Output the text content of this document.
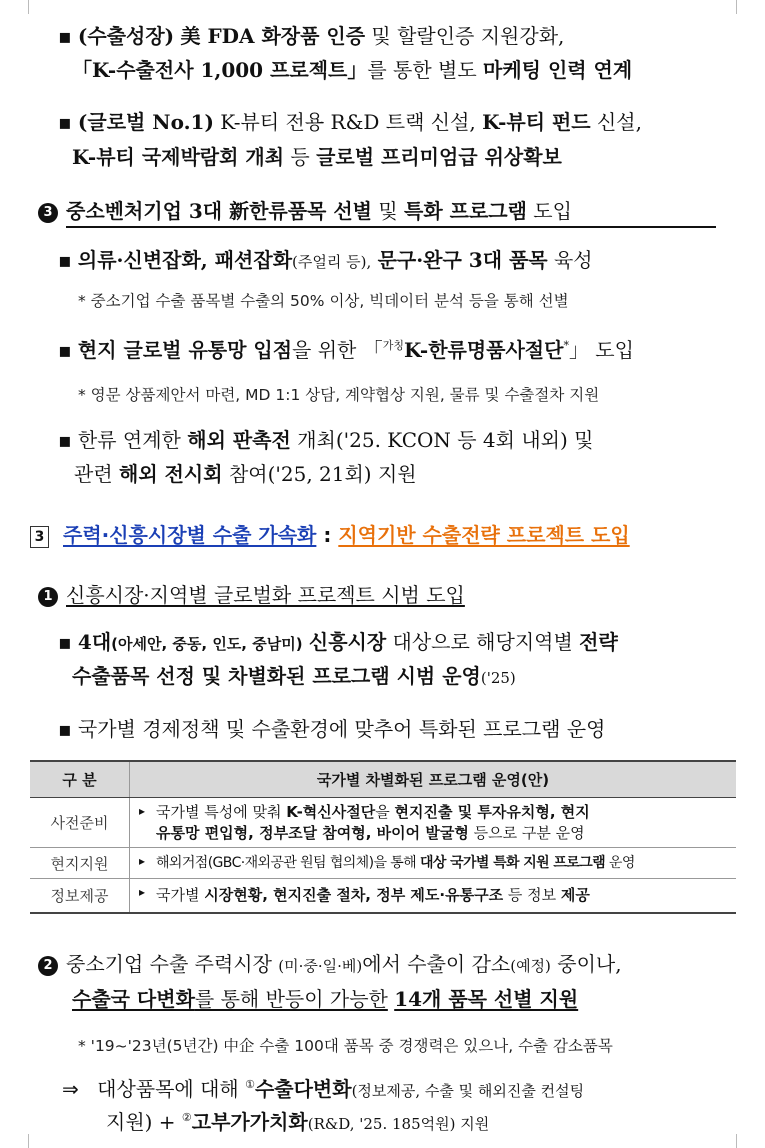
▪ (수출성장) 美 FDA 화장품 인증 및 할랄인증 지원강화,
「K-수출전사 1,000 프로젝트」를 통한 별도 마케팅 인력 연계
▪ (글로벌 No.1) K-뷰티 전용 R&D 트랙 신설, K-뷰티 펀드 신설,
K-뷰티 국제박람회 개최 등 글로벌 프리미엄급 위상확보
3 중소벤처기업 3대 新한류품목 선별 및 특화 프로그램 도입
▪ 의류·신변잡화, 패션잡화(주얼리 등), 문구·완구 3대 품목 육성
* 중소기업 수출 품목별 수출의 50% 이상, 빅데이터 분석 등을 통해 선별
▪ 현지 글로벌 유통망 입점을 위한 「$^{가칭}$K-한류명품사절단*」 도입
* 영문 상품제안서 마련, MD 1:1 상담, 계약협상 지원, 물류 및 수출절차 지원
▪ 한류 연계한 해외 판촉전 개최('25. KCON 등 4회 내외) 및
관련 해외 전시회 참여('25, 21회) 지원
3 주력·신흥시장별 수출 가속화 : 지역기반 수출전략 프로젝트 도입
1 신흥시장·지역별 글로벌화 프로젝트 시범 도입
▪ 4대(아세안, 중동, 인도, 중남미) 신흥시장 대상으로 해당지역별 전략
수출품목 선정 및 차별화된 프로그램 시범 운영('25)
▪ 국가별 경제정책 및 수출환경에 맞추어 특화된 프로그램 운영
구 분	국가별 차별화된 프로그램 운영(안)
사전준비	▸ 국가별 특성에 맞춰 K-혁신사절단을 현지진출 및 투자유치형, 현지
유통망 편입형, 정부조달 참여형, 바이어 발굴형 등으로 구분 운영
현지지원	▸ 해외거점(GBC·재외공관 원팀 협의체)을 통해 대상 국가별 특화 지원 프로그램 운영
정보제공	▸ 국가별 시장현황, 현지진출 절차, 정부 제도·유통구조 등 정보 제공
2 중소기업 수출 주력시장 (미·중·일·베)에서 수출이 감소(예정) 중이나,
수출국 다변화를 통해 반등이 가능한 14개 품목 선별 지원
* '19~'23년(5년간) 中企 수출 100대 품목 중 경쟁력은 있으나, 수출 감소품목
⇒ 대상품목에 대해 ①수출다변화(정보제공, 수출 및 해외진출 컨설팅
지원) + ②고부가가치화(R&D, '25. 185억원) 지원
